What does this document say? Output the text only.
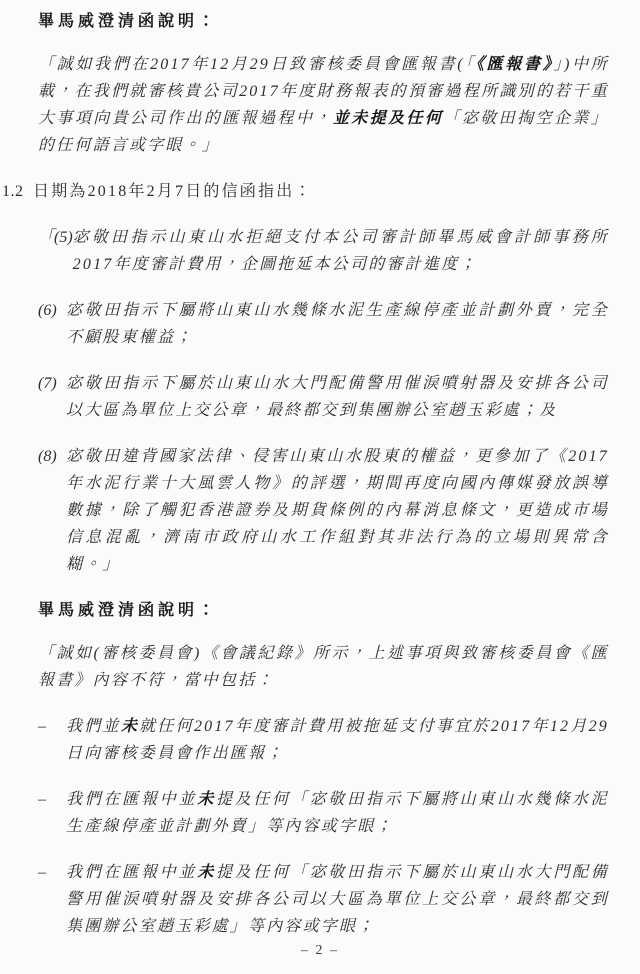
畢馬威澄清函說明：
「誠如我們在2017年12月29日致審核委員會匯報書(「《匯報書》」)中所載，在我們就審核貴公司2017年度財務報表的預審過程所識別的若干重大事項向貴公司作出的匯報過程中，並未提及任何「宓敬田掏空企業」的任何語言或字眼。」
1.2 日期為2018年2月7日的信函指出：
「(5) 宓敬田指示山東山水拒絕支付本公司審計師畢馬威會計師事務所2017年度審計費用，企圖拖延本公司的審計進度；
(6) 宓敬田指示下屬將山東山水幾條水泥生產線停產並計劃外賣，完全不顧股東權益；
(7) 宓敬田指示下屬於山東山水大門配備警用催淚噴射器及安排各公司以大區為單位上交公章，最終都交到集團辦公室趙玉彩處；及
(8) 宓敬田違背國家法律、侵害山東山水股東的權益，更參加了《2017年水泥行業十大風雲人物》的評選，期間再度向國內傳媒發放誤導數據，除了觸犯香港證券及期貨條例的內幕消息條文，更造成市場信息混亂，濟南市政府山水工作組對其非法行為的立場則異常含糊。」
畢馬威澄清函說明：
「誠如(審核委員會)《會議紀錄》所示，上述事項與致審核委員會《匯報書》內容不符，當中包括：
–	我們並未就任何2017年度審計費用被拖延支付事宜於2017年12月29日向審核委員會作出匯報；
–	我們在匯報中並未提及任何「宓敬田指示下屬將山東山水幾條水泥生產線停產並計劃外賣」等內容或字眼；
–	我們在匯報中並未提及任何「宓敬田指示下屬於山東山水大門配備警用催淚噴射器及安排各公司以大區為單位上交公章，最終都交到集團辦公室趙玉彩處」等內容或字眼；
– 2 –
